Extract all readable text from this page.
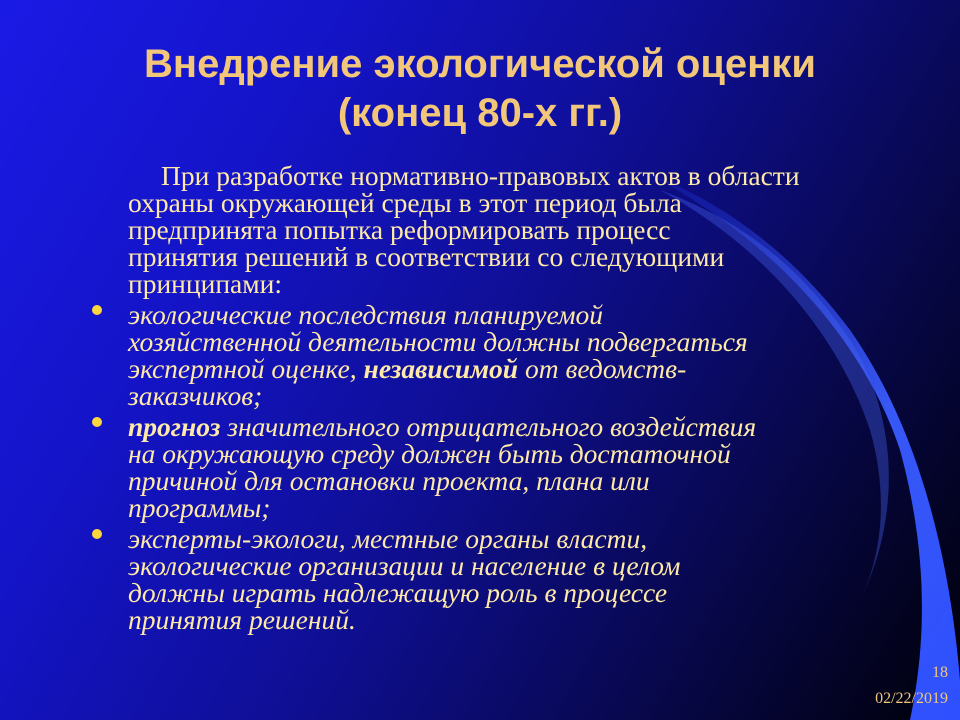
Внедрение экологической оценки
(конец 80-х гг.)
При разработке нормативно-правовых актов в области
охраны окружающей среды в этот период была
предпринята попытка реформировать процесс
принятия решений в соответствии со следующими
принципами:
экологические последствия планируемой
хозяйственной деятельности должны подвергаться
экспертной оценке, независимой от ведомств-
заказчиков;
прогноз значительного отрицательного воздействия
на окружающую среду должен быть достаточной
причиной для остановки проекта, плана или
программы;
эксперты-экологи, местные органы власти,
экологические организации и население в целом
должны играть надлежащую роль в процессе
принятия решений.
18
02/22/2019
